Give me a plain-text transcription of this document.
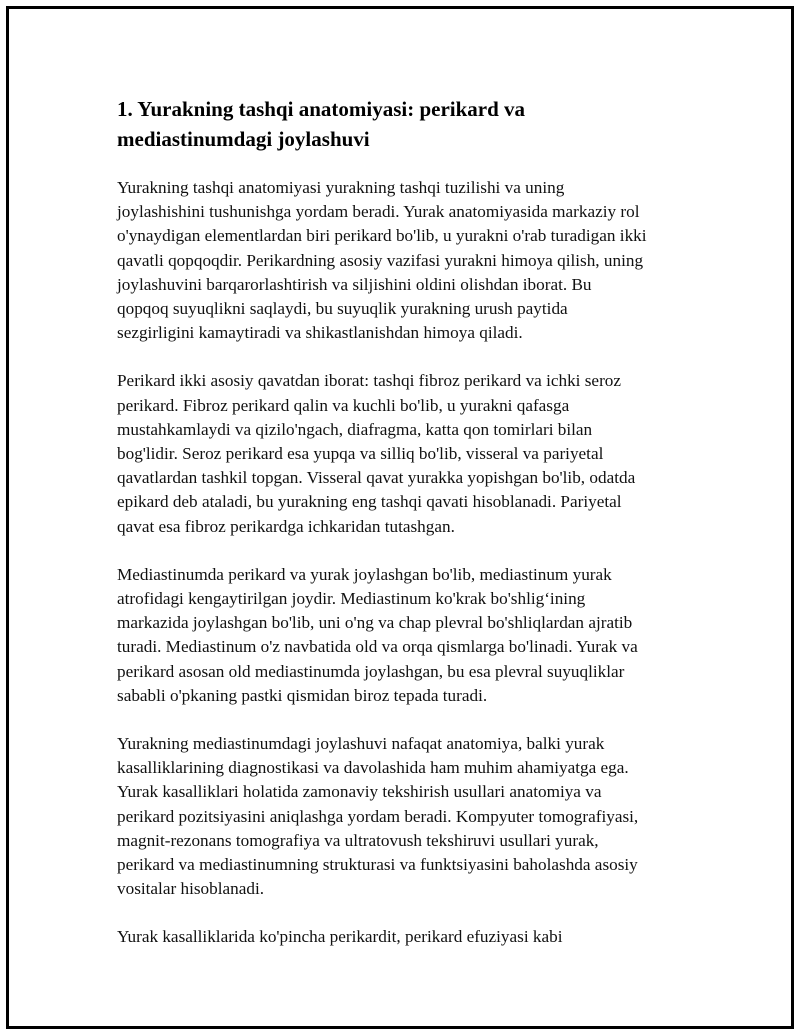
1. Yurakning tashqi anatomiyasi: perikard va
mediastinumdagi joylashuvi

Yurakning tashqi anatomiyasi yurakning tashqi tuzilishi va uning
joylashishini tushunishga yordam beradi. Yurak anatomiyasida markaziy rol
o'ynaydigan elementlardan biri perikard bo'lib, u yurakni o'rab turadigan ikki
qavatli qopqoqdir. Perikardning asosiy vazifasi yurakni himoya qilish, uning
joylashuvini barqarorlashtirish va siljishini oldini olishdan iborat. Bu
qopqoq suyuqlikni saqlaydi, bu suyuqlik yurakning urush paytida
sezgirligini kamaytiradi va shikastlanishdan himoya qiladi.

Perikard ikki asosiy qavatdan iborat: tashqi fibroz perikard va ichki seroz
perikard. Fibroz perikard qalin va kuchli bo'lib, u yurakni qafasga
mustahkamlaydi va qizilo'ngach, diafragma, katta qon tomirlari bilan
bog'lidir. Seroz perikard esa yupqa va silliq bo'lib, visseral va pariyetal
qavatlardan tashkil topgan. Visseral qavat yurakka yopishgan bo'lib, odatda
epikard deb ataladi, bu yurakning eng tashqi qavati hisoblanadi. Pariyetal
qavat esa fibroz perikardga ichkaridan tutashgan.

Mediastinumda perikard va yurak joylashgan bo'lib, mediastinum yurak
atrofidagi kengaytirilgan joydir. Mediastinum ko'krak bo'shlig‘ining
markazida joylashgan bo'lib, uni o'ng va chap plevral bo'shliqlardan ajratib
turadi. Mediastinum o'z navbatida old va orqa qismlarga bo'linadi. Yurak va
perikard asosan old mediastinumda joylashgan, bu esa plevral suyuqliklar
sababli o'pkaning pastki qismidan biroz tepada turadi.

Yurakning mediastinumdagi joylashuvi nafaqat anatomiya, balki yurak
kasalliklarining diagnostikasi va davolashida ham muhim ahamiyatga ega.
Yurak kasalliklari holatida zamonaviy tekshirish usullari anatomiya va
perikard pozitsiyasini aniqlashga yordam beradi. Kompyuter tomografiyasi,
magnit-rezonans tomografiya va ultratovush tekshiruvi usullari yurak,
perikard va mediastinumning strukturasi va funktsiyasini baholashda asosiy
vositalar hisoblanadi.

Yurak kasalliklarida ko'pincha perikardit, perikard efuziyasi kabi
